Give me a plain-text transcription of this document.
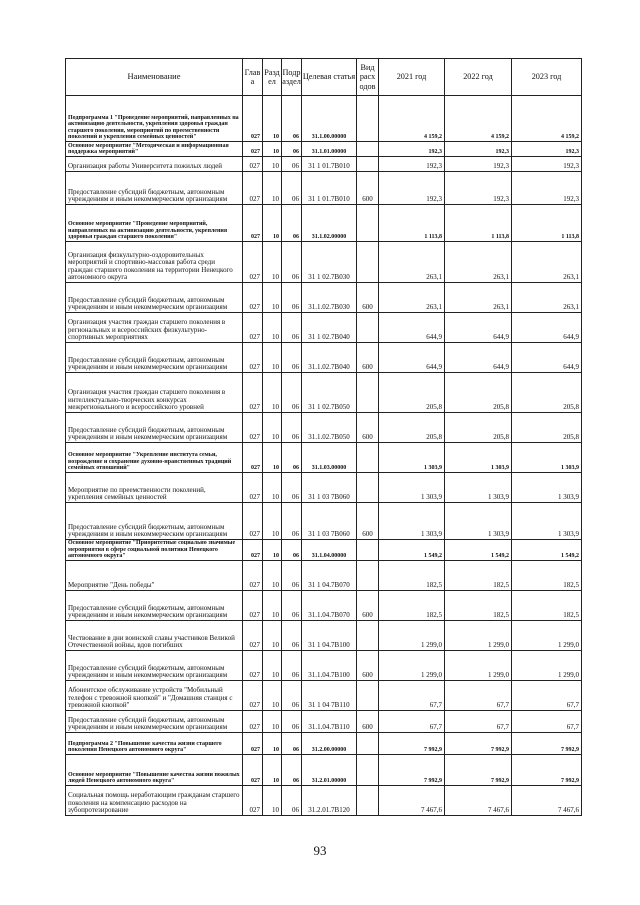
Наименование	Глав а	Разд ел	Подр аздел	Целевая статья	Вид расх одов	2021 год	2022 год	2023 год
Подпрограмма 1 "Проведение мероприятий, направленных на активизацию деятельности, укрепления здоровья граждан старшего поколения, мероприятий по преемственности поколений и укрепления семейных ценностей"	027	10	06	31.1.00.00000		4 159,2	4 159,2	4 159,2
Основное мероприятие "Методическая и информационная поддержка мероприятий"	027	10	06	31.1.01.00000		192,3	192,3	192,3
Организация работы Университета пожилых людей	027	10	06	31 1 01.7В010		192,3	192,3	192,3
Предоставление субсидий бюджетным, автономным учреждениям и иным некоммерческим организациям	027	10	06	31 1 01.7В010	600	192,3	192,3	192,3
Основное мероприятие "Проведение мероприятий, направленных на активизацию деятельности, укрепления здоровья граждан старшего поколения"	027	10	06	31.1.02.00000		1 113,8	1 113,8	1 113,8
Организация физкультурно-оздоровительных мероприятий и спортивно-массовая работа среди граждан старшего поколения на территории Ненецкого автономного округа	027	10	06	31 1 02.7В030		263,1	263,1	263,1
Предоставление субсидий бюджетным, автономным учреждениям и иным некоммерческим организациям	027	10	06	31.1.02.7В030	600	263,1	263,1	263,1
Организация участия граждан старшего поколения в региональных и всероссийских физкультурно-спортивных мероприятиях	027	10	06	31 1 02.7В040		644,9	644,9	644,9
Предоставление субсидий бюджетным, автономным учреждениям и иным некоммерческим организациям	027	10	06	31.1.02.7В040	600	644,9	644,9	644,9
Организация участия граждан старшего поколения в интеллектуально-творческих конкурсах межрегионального и всероссийского уровней	027	10	06	31 1 02.7В050		205,8	205,8	205,8
Предоставление субсидий бюджетным, автономным учреждениям и иным некоммерческим организациям	027	10	06	31.1.02.7В050	600	205,8	205,8	205,8
Основное мероприятие "Укрепление института семьи, возрождение и сохранение духовно-нравственных традиций семейных отношений"	027	10	06	31.1.03.00000		1 303,9	1 303,9	1 303,9
Мероприятие по преемственности поколений, укрепления семейных ценностей	027	10	06	31 1 03 7В060		1 303,9	1 303,9	1 303,9
Предоставление субсидий бюджетным, автономным учреждениям и иным некоммерческим организациям	027	10	06	31 1 03 7В060	600	1 303,9	1 303,9	1 303,9
Основное мероприятие "Приоритетные социально значимые мероприятия в сфере социальной политики Ненецкого автономного округа"	027	10	06	31.1.04.00000		1 549,2	1 549,2	1 549,2
Мероприятие "День победы"	027	10	06	31 1 04.7В070		182,5	182,5	182,5
Предоставление субсидий бюджетным, автономным учреждениям и иным некоммерческим организациям	027	10	06	31.1.04.7В070	600	182,5	182,5	182,5
Чествование в дни воинской славы участников Великой Отечественной войны, вдов погибших	027	10	06	31 1 04.7В100		1 299,0	1 299,0	1 299,0
Предоставление субсидий бюджетным, автономным учреждениям и иным некоммерческим организациям	027	10	06	31.1.04.7В100	600	1 299,0	1 299,0	1 299,0
Абонентское обслуживание устройств "Мобильный телефон с тревожной кнопкой" и "Домашняя станция с тревожной кнопкой"	027	10	06	31 1 04 7В110		67,7	67,7	67,7
Предоставление субсидий бюджетным, автономным учреждениям и иным некоммерческим организациям	027	10	06	31.1.04.7В110	600	67,7	67,7	67,7
Подпрограмма 2 "Повышение качества жизни старшего поколения Ненецкого автономного округа"	027	10	06	31.2.00.00000		7 992,9	7 992,9	7 992,9
Основное мероприятие "Повышение качества жизни пожилых людей Ненецкого автономного округа"	027	10	06	31.2.01.00000		7 992,9	7 992,9	7 992,9
Социальная помощь неработающим гражданам старшего поколения на компенсацию расходов на зубопротезирование	027	10	06	31.2.01.7В120		7 467,6	7 467,6	7 467,6
93
